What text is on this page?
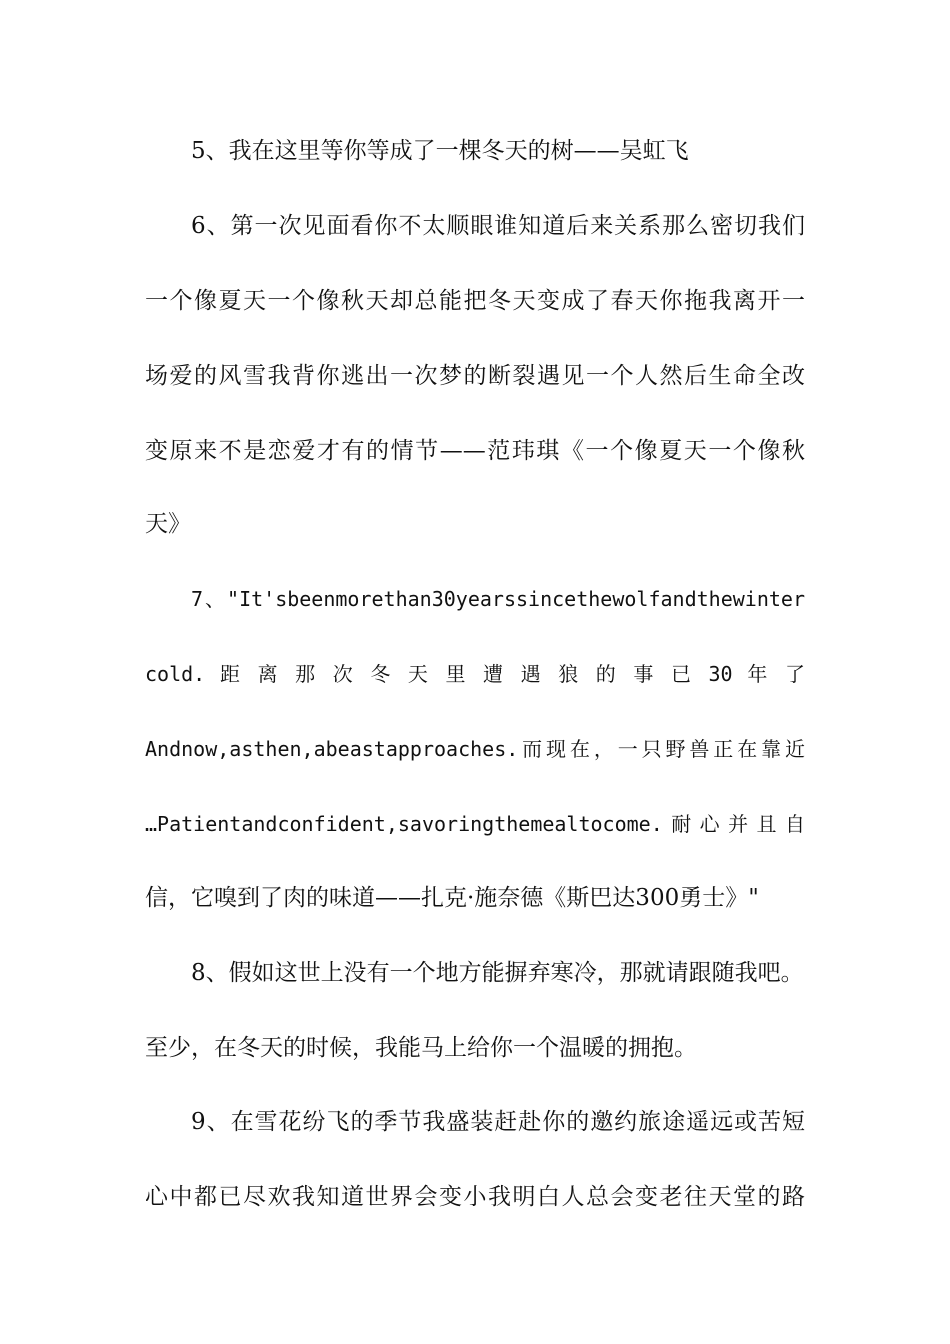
5、我在这里等你等成了一棵冬天的树——吴虹飞
6、第一次见面看你不太顺眼谁知道后来关系那么密切我们
一个像夏天一个像秋天却总能把冬天变成了春天你拖我离开一
场爱的风雪我背你逃出一次梦的断裂遇见一个人然后生命全改
变原来不是恋爱才有的情节——范玮琪《一个像夏天一个像秋
天》
7、"It'sbeenmorethan30yearssincethewolfandthewinter
cold. 距 离 那 次 冬 天 里 遭 遇 狼 的 事 已 30 年 了
Andnow,asthen,abeastapproaches.而现在，一只野兽正在靠近
…Patientandconfident,savoringthemealtocome.耐心并且自
信，它嗅到了肉的味道——扎克·施奈德《斯巴达300勇士》"
8、假如这世上没有一个地方能摒弃寒冷，那就请跟随我吧。
至少，在冬天的时候，我能马上给你一个温暖的拥抱。
9、在雪花纷飞的季节我盛装赶赴你的邀约旅途遥远或苦短
心中都已尽欢我知道世界会变小我明白人总会变老往天堂的路
